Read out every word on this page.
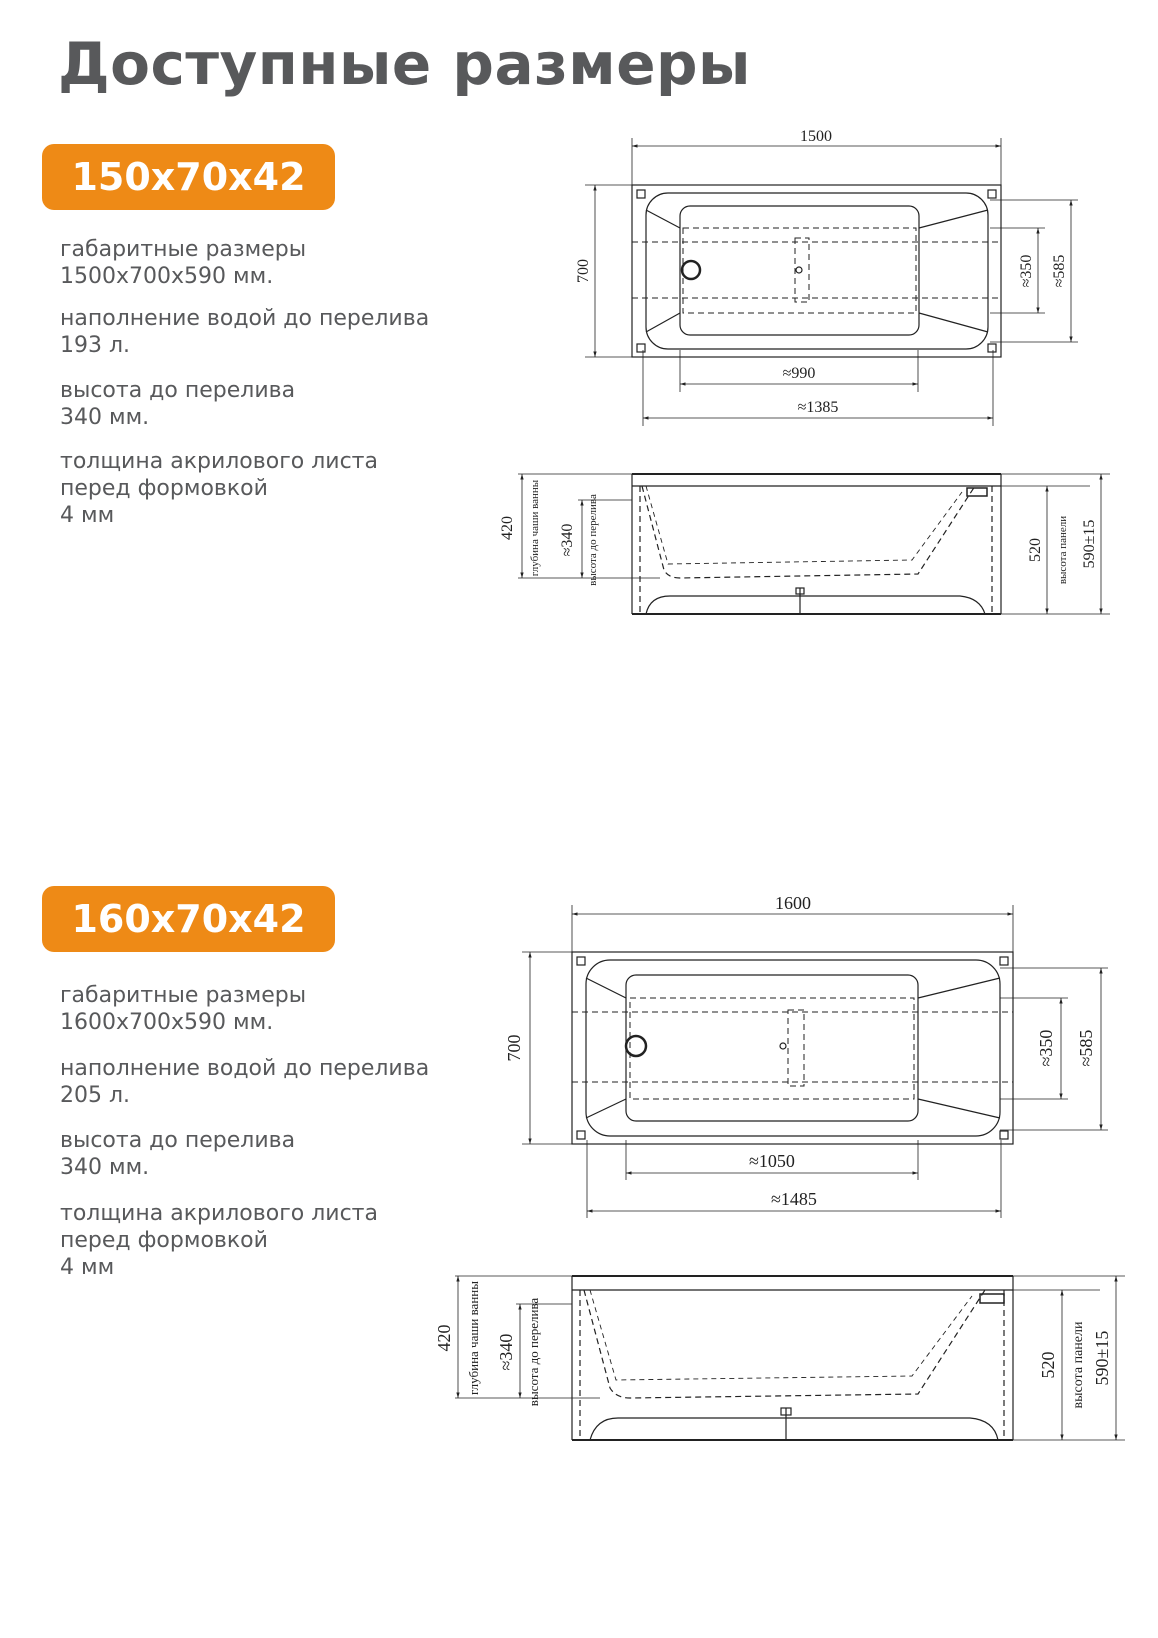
Доступные размеры
150x70x42
габаритные размеры
1500x700x590 мм.
наполнение водой до перелива
193 л.
высота до перелива
340 мм.
толщина акрилового листа перед формовкой
4 мм
160x70x42
габаритные размеры
1600x700x590 мм.
наполнение водой до перелива
205 л.
высота до перелива
340 мм.
толщина акрилового листа перед формовкой
4 мм
1500
700
≈990
≈1385
≈350 ≈585
420 глубина чаши ванны ≈340 высота до перелива	520 высота панели 590±15
1600
700
≈1050
≈1485
≈350 ≈585
420 глубина чаши ванны ≈340 высота до перелива	520 высота панели 590±15
